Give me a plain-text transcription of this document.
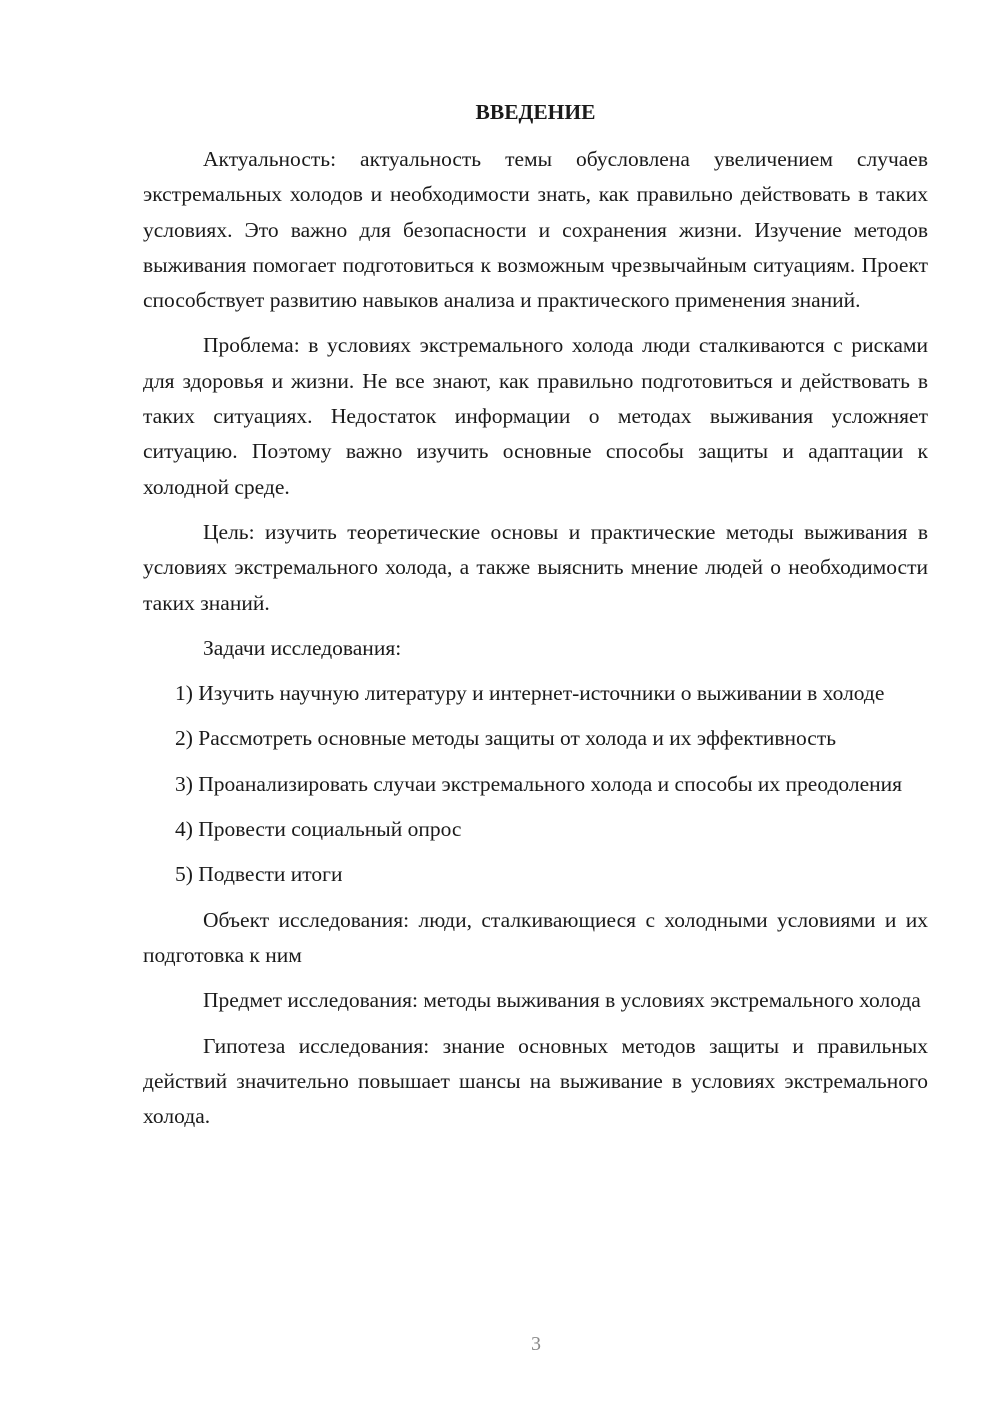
ВВЕДЕНИЕ

Актуальность: актуальность темы обусловлена увеличением случаев экстремальных холодов и необходимости знать, как правильно действовать в таких условиях. Это важно для безопасности и сохранения жизни. Изучение методов выживания помогает подготовиться к возможным чрезвычайным ситуациям. Проект способствует развитию навыков анализа и практического применения знаний.

Проблема: в условиях экстремального холода люди сталкиваются с рисками для здоровья и жизни. Не все знают, как правильно подготовиться и действовать в таких ситуациях. Недостаток информации о методах выживания усложняет ситуацию. Поэтому важно изучить основные способы защиты и адаптации к холодной среде.

Цель: изучить теоретические основы и практические методы выживания в условиях экстремального холода, а также выяснить мнение людей о необходимости таких знаний.

Задачи исследования:

1) Изучить научную литературу и интернет-источники о выживании в холоде

2) Рассмотреть основные методы защиты от холода и их эффективность

3) Проанализировать случаи экстремального холода и способы их преодоления

4) Провести социальный опрос

5) Подвести итоги

Объект исследования: люди, сталкивающиеся с холодными условиями и их подготовка к ним

Предмет исследования: методы выживания в условиях экстремального холода

Гипотеза исследования: знание основных методов защиты и правильных действий значительно повышает шансы на выживание в условиях экстремального холода.

3
